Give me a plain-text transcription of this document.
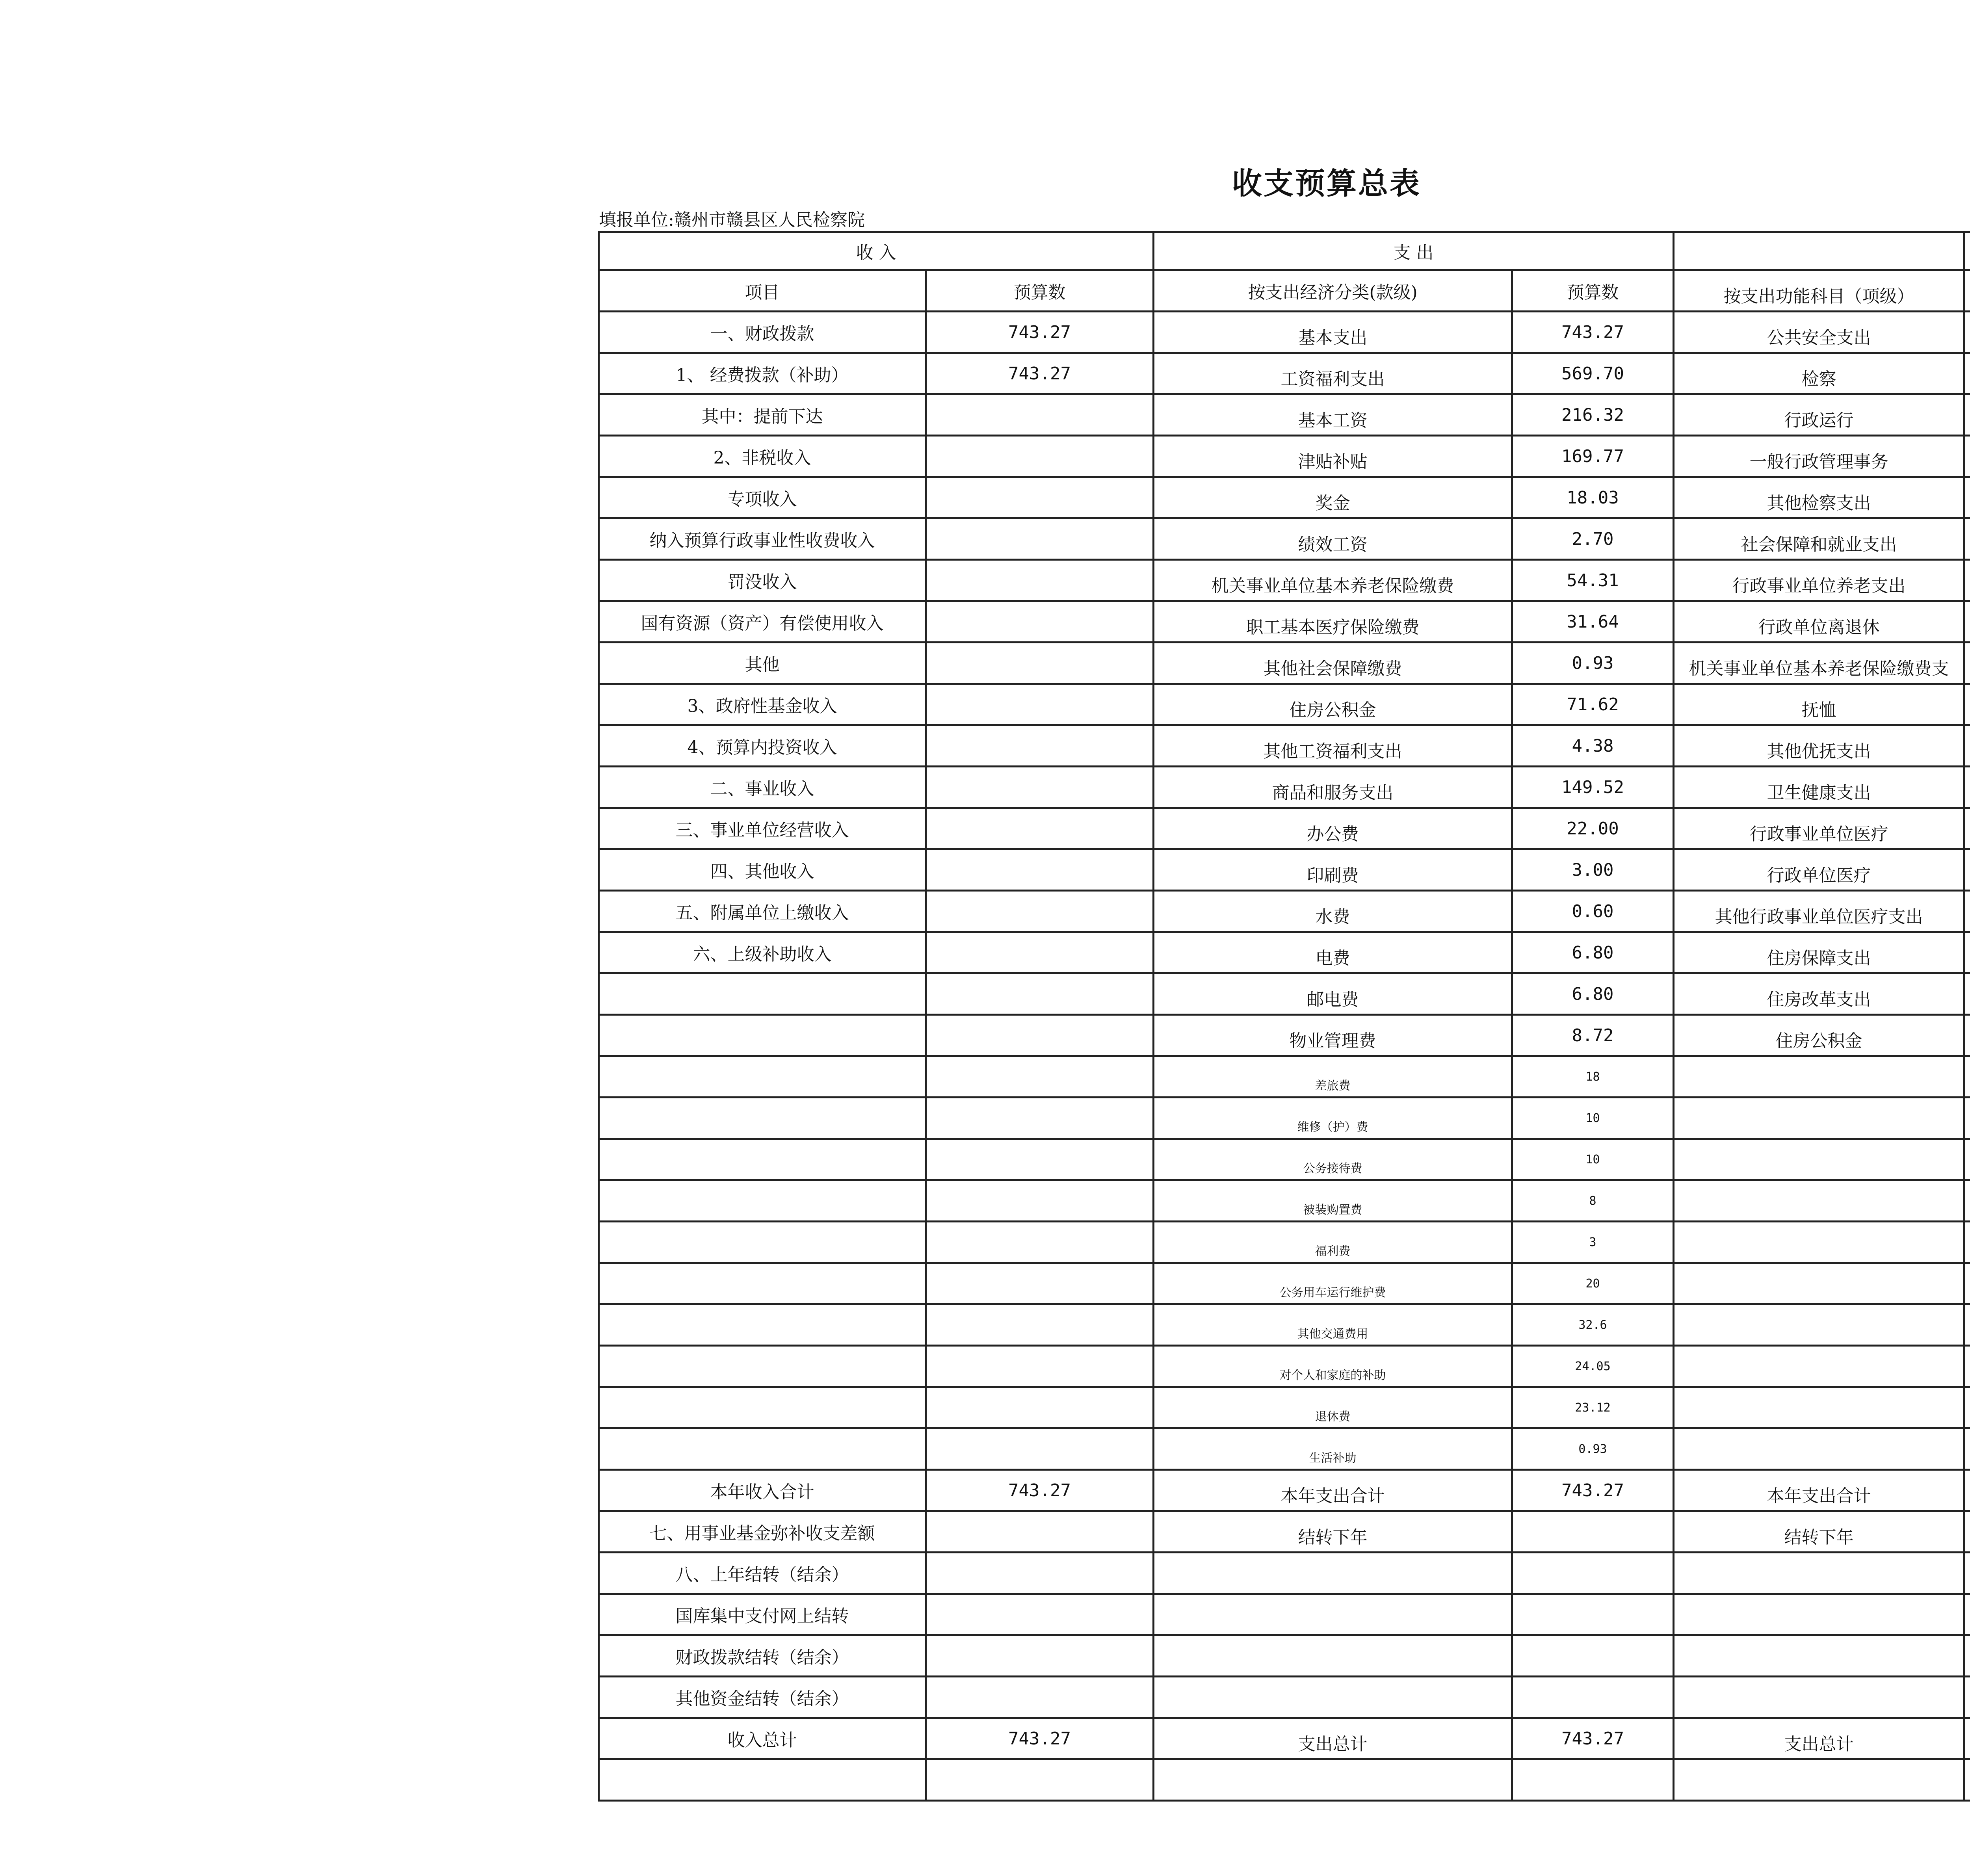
收支预算总表
填报单位:赣州市赣县区人民检察院
收 入		支 出			
项目	预算数	按支出经济分类(款级)	预算数	按支出功能科目（项级）	
一、财政拨款	743.27	基本支出	743.27	公共安全支出	
1、 经费拨款（补助）	743.27	工资福利支出	569.70	检察	
其中：提前下达		基本工资	216.32	行政运行	
2、非税收入		津贴补贴	169.77	一般行政管理事务	
专项收入		奖金	18.03	其他检察支出	
纳入预算行政事业性收费收入		绩效工资	2.70	社会保障和就业支出	
罚没收入		机关事业单位基本养老保险缴费	54.31	行政事业单位养老支出	
国有资源（资产）有偿使用收入		职工基本医疗保险缴费	31.64	行政单位离退休	
其他		其他社会保障缴费	0.93	机关事业单位基本养老保险缴费支	
3、政府性基金收入		住房公积金	71.62	抚恤	
4、预算内投资收入		其他工资福利支出	4.38	其他优抚支出	
二、事业收入		商品和服务支出	149.52	卫生健康支出	
三、事业单位经营收入		办公费	22.00	行政事业单位医疗	
四、其他收入		印刷费	3.00	行政单位医疗	
五、附属单位上缴收入		水费	0.60	其他行政事业单位医疗支出	
六、上级补助收入		电费	6.80	住房保障支出	
		邮电费	6.80	住房改革支出	
		物业管理费	8.72	住房公积金	
		差旅费	18		
		维修（护）费	10		
		公务接待费	10		
		被装购置费	8		
		福利费	3		
		公务用车运行维护费	20		
		其他交通费用	32.6		
		对个人和家庭的补助	24.05		
		退休费	23.12		
		生活补助	0.93		
本年收入合计	743.27	本年支出合计	743.27	本年支出合计	
七、用事业基金弥补收支差额		结转下年		结转下年	
八、上年结转（结余）					
国库集中支付网上结转					
财政拨款结转（结余）					
其他资金结转（结余）					
收入总计	743.27	支出总计	743.27	支出总计	
